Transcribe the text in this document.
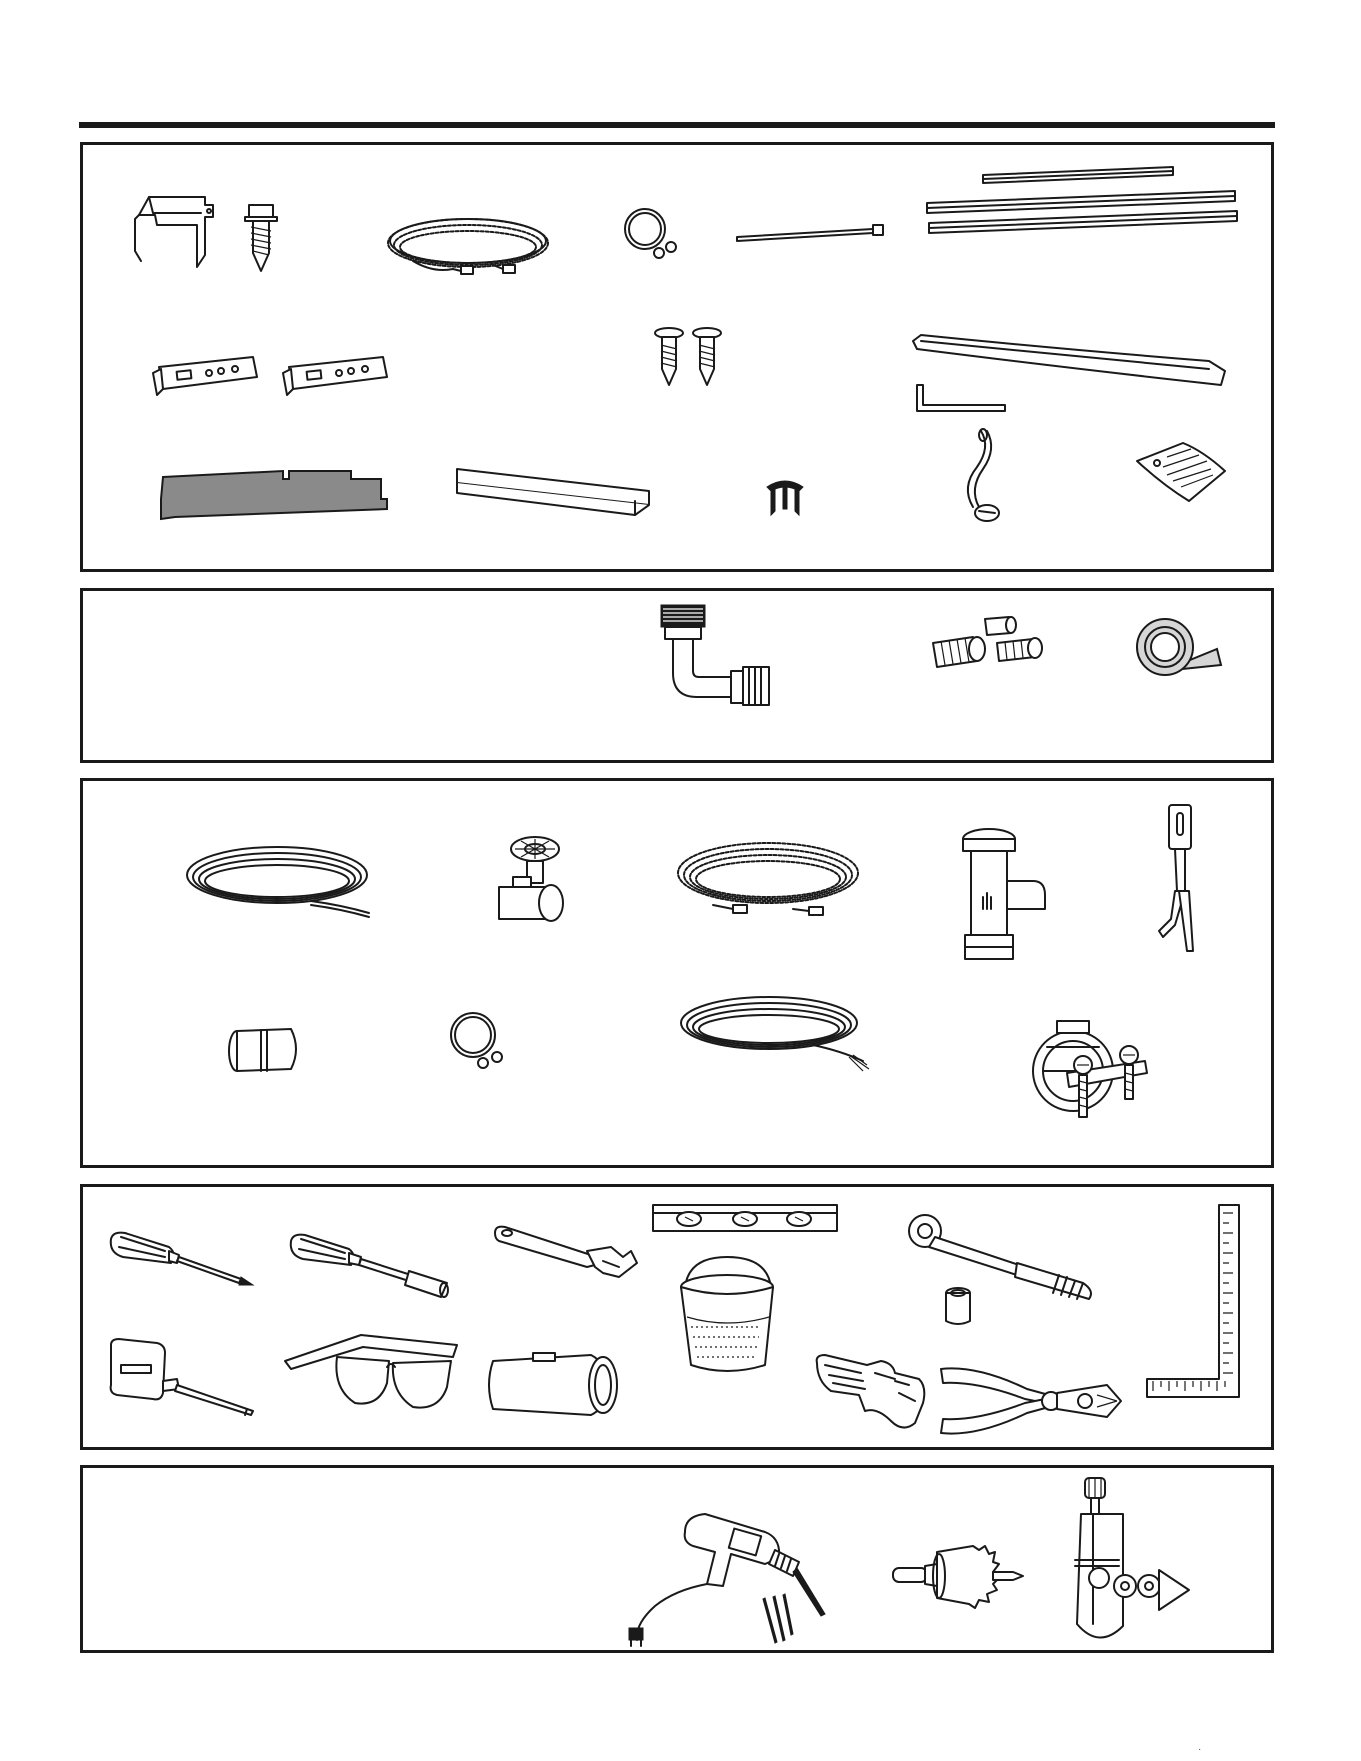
·
